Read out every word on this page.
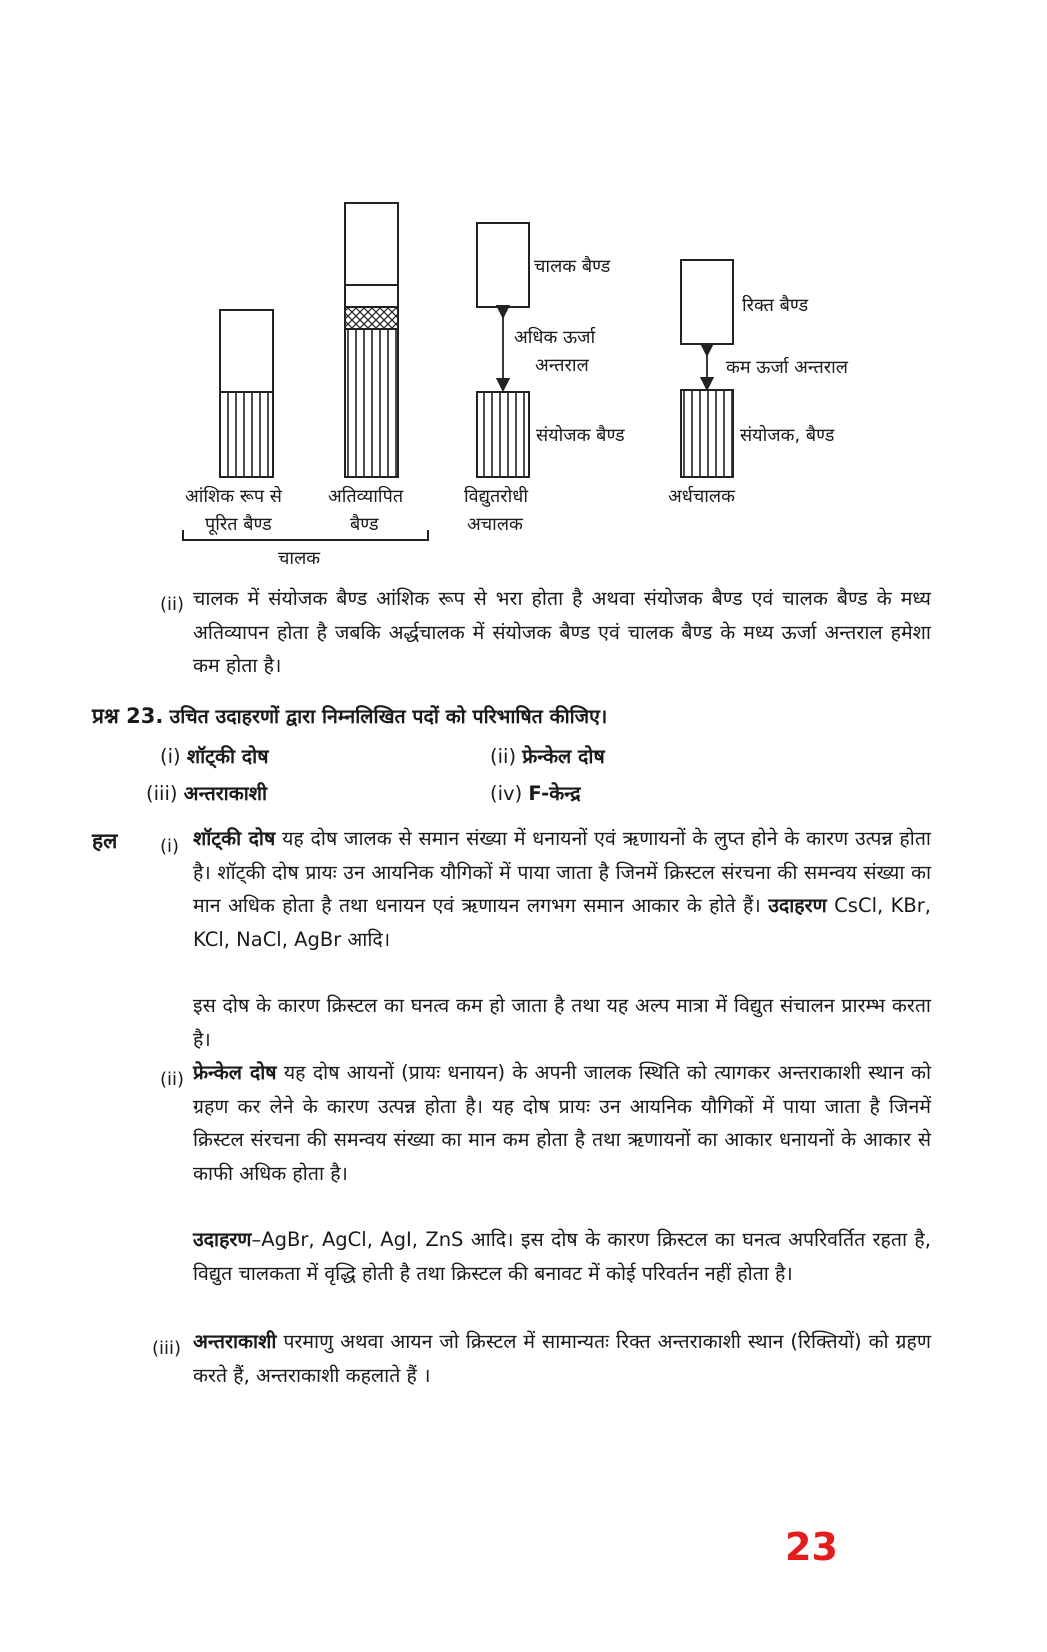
आंशिक रूप से
पूरित बैण्ड
अतिव्यापित
बैण्ड
चालक
विद्युतरोधी
अचालक
चालक बैण्ड
अधिक ऊर्जा
अन्तराल
संयोजक बैण्ड
रिक्त बैण्ड
कम ऊर्जा अन्तराल
संयोजक, बैण्ड
अर्धचालक
(ii) चालक में संयोजक बैण्ड आंशिक रूप से भरा होता है अथवा संयोजक बैण्ड एवं चालक बैण्ड के मध्य अतिव्यापन होता है जबकि अर्द्धचालक में संयोजक बैण्ड एवं चालक बैण्ड के मध्य ऊर्जा अन्तराल हमेशा कम होता है।
प्रश्न 23. उचित उदाहरणों द्वारा निम्नलिखित पदों को परिभाषित कीजिए।
(i) शॉट्की दोष	(ii) फ्रेन्केल दोष
(iii) अन्तराकाशी	(iv) F-केन्द्र
हल (i) शॉट्की दोष यह दोष जालक से समान संख्या में धनायनों एवं ऋणायनों के लुप्त होने के कारण उत्पन्न होता है। शॉट्की दोष प्रायः उन आयनिक यौगिकों में पाया जाता है जिनमें क्रिस्टल संरचना की समन्वय संख्या का मान अधिक होता है तथा धनायन एवं ऋणायन लगभग समान आकार के होते हैं। उदाहरण CsCl, KBr, KCl, NaCl, AgBr आदि।
इस दोष के कारण क्रिस्टल का घनत्व कम हो जाता है तथा यह अल्प मात्रा में विद्युत संचालन प्रारम्भ करता है।
(ii) फ्रेन्केल दोष यह दोष आयनों (प्रायः धनायन) के अपनी जालक स्थिति को त्यागकर अन्तराकाशी स्थान को ग्रहण कर लेने के कारण उत्पन्न होता है। यह दोष प्रायः उन आयनिक यौगिकों में पाया जाता है जिनमें क्रिस्टल संरचना की समन्वय संख्या का मान कम होता है तथा ऋणायनों का आकार धनायनों के आकार से काफी अधिक होता है।
उदाहरण–AgBr, AgCl, AgI, ZnS आदि। इस दोष के कारण क्रिस्टल का घनत्व अपरिवर्तित रहता है, विद्युत चालकता में वृद्धि होती है तथा क्रिस्टल की बनावट में कोई परिवर्तन नहीं होता है।
(iii) अन्तराकाशी परमाणु अथवा आयन जो क्रिस्टल में सामान्यतः रिक्त अन्तराकाशी स्थान (रिक्तियों) को ग्रहण करते हैं, अन्तराकाशी कहलाते हैं ।
23
